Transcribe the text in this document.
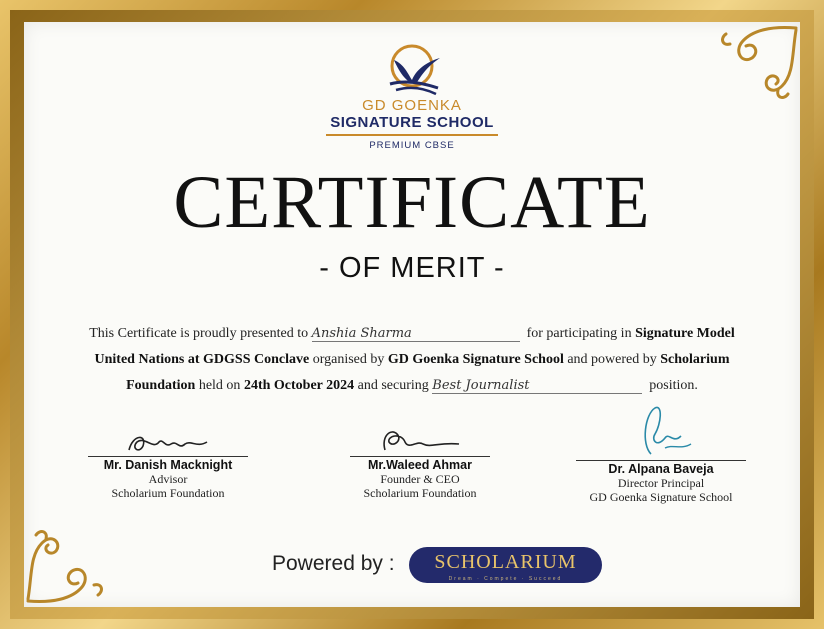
GD GOENKA
SIGNATURE SCHOOL
PREMIUM CBSE
CERTIFICATE
- OF MERIT -
This Certificate is proudly presented to Anshia Sharma	for participating in Signature Model
United Nations at GDGSS Conclave organised by GD Goenka Signature School and powered by Scholarium
Foundation held on 24th October 2024 and securing Best Journalist	position.
Mr. Danish Macknight
Advisor
Scholarium Foundation
Mr.Waleed Ahmar
Founder & CEO
Scholarium Foundation
Dr. Alpana Baveja
Director Principal
GD Goenka Signature School
Powered by :	SCHOLARIUM
Dream · Compete · Succeed
